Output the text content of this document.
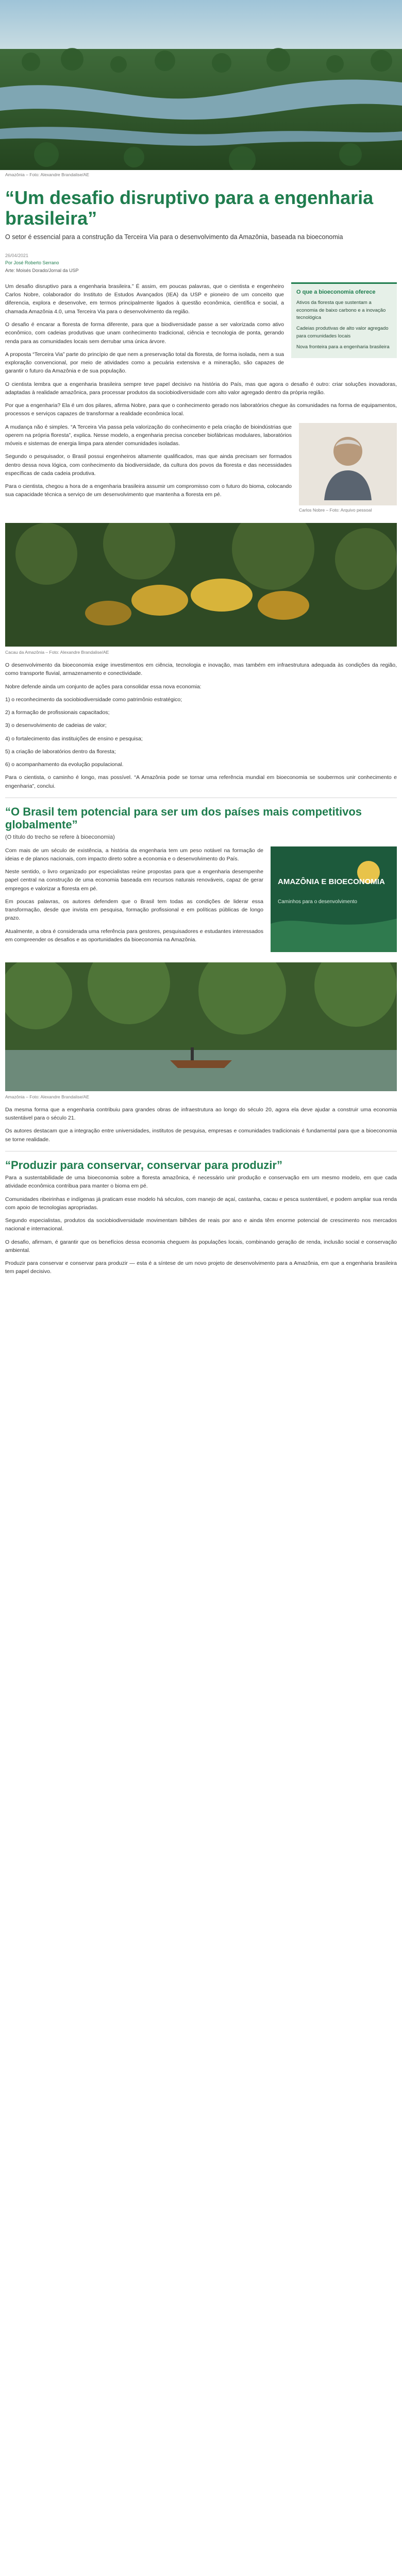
Amazônia – Foto: Alexandre Brandalise/AE
“Um desafio disruptivo para a engenharia brasileira”
O setor é essencial para a construção da Terceira Via para o desenvolvimento da Amazônia, baseada na bioeconomia
26/04/2021
Por José Roberto Serrano
Arte: Moisés Dorado/Jornal da USP
O que a bioeconomia oferece

Ativos da floresta que sustentam a economia de baixo carbono e a inovação tecnológica

Cadeias produtivas de alto valor agregado para comunidades locais

Nova fronteira para a engenharia brasileira

Um desafio disruptivo para a engenharia brasileira.” É assim, em poucas palavras, que o cientista e engenheiro Carlos Nobre, colaborador do Instituto de Estudos Avançados (IEA) da USP e pioneiro de um conceito que diferencia, explora e desenvolve, em termos principalmente ligados à questão econômica, científica e social, a chamada Amazônia 4.0, uma Terceira Via para o desenvolvimento da região.

O desafio é encarar a floresta de forma diferente, para que a biodiversidade passe a ser valorizada como ativo econômico, com cadeias produtivas que unam conhecimento tradicional, ciência e tecnologia de ponta, gerando renda para as comunidades locais sem derrubar uma única árvore.

A proposta “Terceira Via” parte do princípio de que nem a preservação total da floresta, de forma isolada, nem a sua exploração convencional, por meio de atividades como a pecuária extensiva e a mineração, são capazes de garantir o futuro da Amazônia e de sua população.

O cientista lembra que a engenharia brasileira sempre teve papel decisivo na história do País, mas que agora o desafio é outro: criar soluções inovadoras, adaptadas à realidade amazônica, para processar produtos da sociobiodiversidade com alto valor agregado dentro da própria região.

Por que a engenharia? Ela é um dos pilares, afirma Nobre, para que o conhecimento gerado nos laboratórios chegue às comunidades na forma de equipamentos, processos e serviços capazes de transformar a realidade econômica local.

Carlos Nobre – Foto: Arquivo pessoal

A mudança não é simples. “A Terceira Via passa pela valorização do conhecimento e pela criação de bioindústrias que operem na própria floresta”, explica. Nesse modelo, a engenharia precisa conceber biofábricas modulares, laboratórios móveis e sistemas de energia limpa para atender comunidades isoladas.

Segundo o pesquisador, o Brasil possui engenheiros altamente qualificados, mas que ainda precisam ser formados dentro dessa nova lógica, com conhecimento da biodiversidade, da cultura dos povos da floresta e das necessidades específicas de cada cadeia produtiva.

Para o cientista, chegou a hora de a engenharia brasileira assumir um compromisso com o futuro do bioma, colocando sua capacidade técnica a serviço de um desenvolvimento que mantenha a floresta em pé.

Cacau da Amazônia – Foto: Alexandre Brandalise/AE

O desenvolvimento da bioeconomia exige investimentos em ciência, tecnologia e inovação, mas também em infraestrutura adequada às condições da região, como transporte fluvial, armazenamento e conectividade.

Nobre defende ainda um conjunto de ações para consolidar essa nova economia:

1) o reconhecimento da sociobiodiversidade como patrimônio estratégico;

2) a formação de profissionais capacitados;

3) o desenvolvimento de cadeias de valor;

4) o fortalecimento das instituições de ensino e pesquisa;

5) a criação de laboratórios dentro da floresta;

6) o acompanhamento da evolução populacional.

Para o cientista, o caminho é longo, mas possível. “A Amazônia pode se tornar uma referência mundial em bioeconomia se soubermos unir conhecimento e engenharia”, conclui.

“O Brasil tem potencial para ser um dos países mais competitivos globalmente”
(O título do trecho se refere à bioeconomia)
AMAZÔNIA E BIOECONOMIA
Caminhos para o desenvolvimento

Com mais de um século de existência, a história da engenharia tem um peso notável na formação de ideias e de planos nacionais, com impacto direto sobre a economia e o desenvolvimento do País.

Neste sentido, o livro organizado por especialistas reúne propostas para que a engenharia desempenhe papel central na construção de uma economia baseada em recursos naturais renováveis, capaz de gerar empregos e valorizar a floresta em pé.

Em poucas palavras, os autores defendem que o Brasil tem todas as condições de liderar essa transformação, desde que invista em pesquisa, formação profissional e em políticas públicas de longo prazo.

Atualmente, a obra é considerada uma referência para gestores, pesquisadores e estudantes interessados em compreender os desafios e as oportunidades da bioeconomia na Amazônia.

Amazônia – Foto: Alexandre Brandalise/AE

Da mesma forma que a engenharia contribuiu para grandes obras de infraestrutura ao longo do século 20, agora ela deve ajudar a construir uma economia sustentável para o século 21.

Os autores destacam que a integração entre universidades, institutos de pesquisa, empresas e comunidades tradicionais é fundamental para que a bioeconomia se torne realidade.

“Produzir para conservar, conservar para produzir”

Para a sustentabilidade de uma bioeconomia sobre a floresta amazônica, é necessário unir produção e conservação em um mesmo modelo, em que cada atividade econômica contribua para manter o bioma em pé.

Comunidades ribeirinhas e indígenas já praticam esse modelo há séculos, com manejo de açaí, castanha, cacau e pesca sustentável, e podem ampliar sua renda com apoio de tecnologias apropriadas.

Segundo especialistas, produtos da sociobiodiversidade movimentam bilhões de reais por ano e ainda têm enorme potencial de crescimento nos mercados nacional e internacional.

O desafio, afirmam, é garantir que os benefícios dessa economia cheguem às populações locais, combinando geração de renda, inclusão social e conservação ambiental.

Produzir para conservar e conservar para produzir — esta é a síntese de um novo projeto de desenvolvimento para a Amazônia, em que a engenharia brasileira tem papel decisivo.
